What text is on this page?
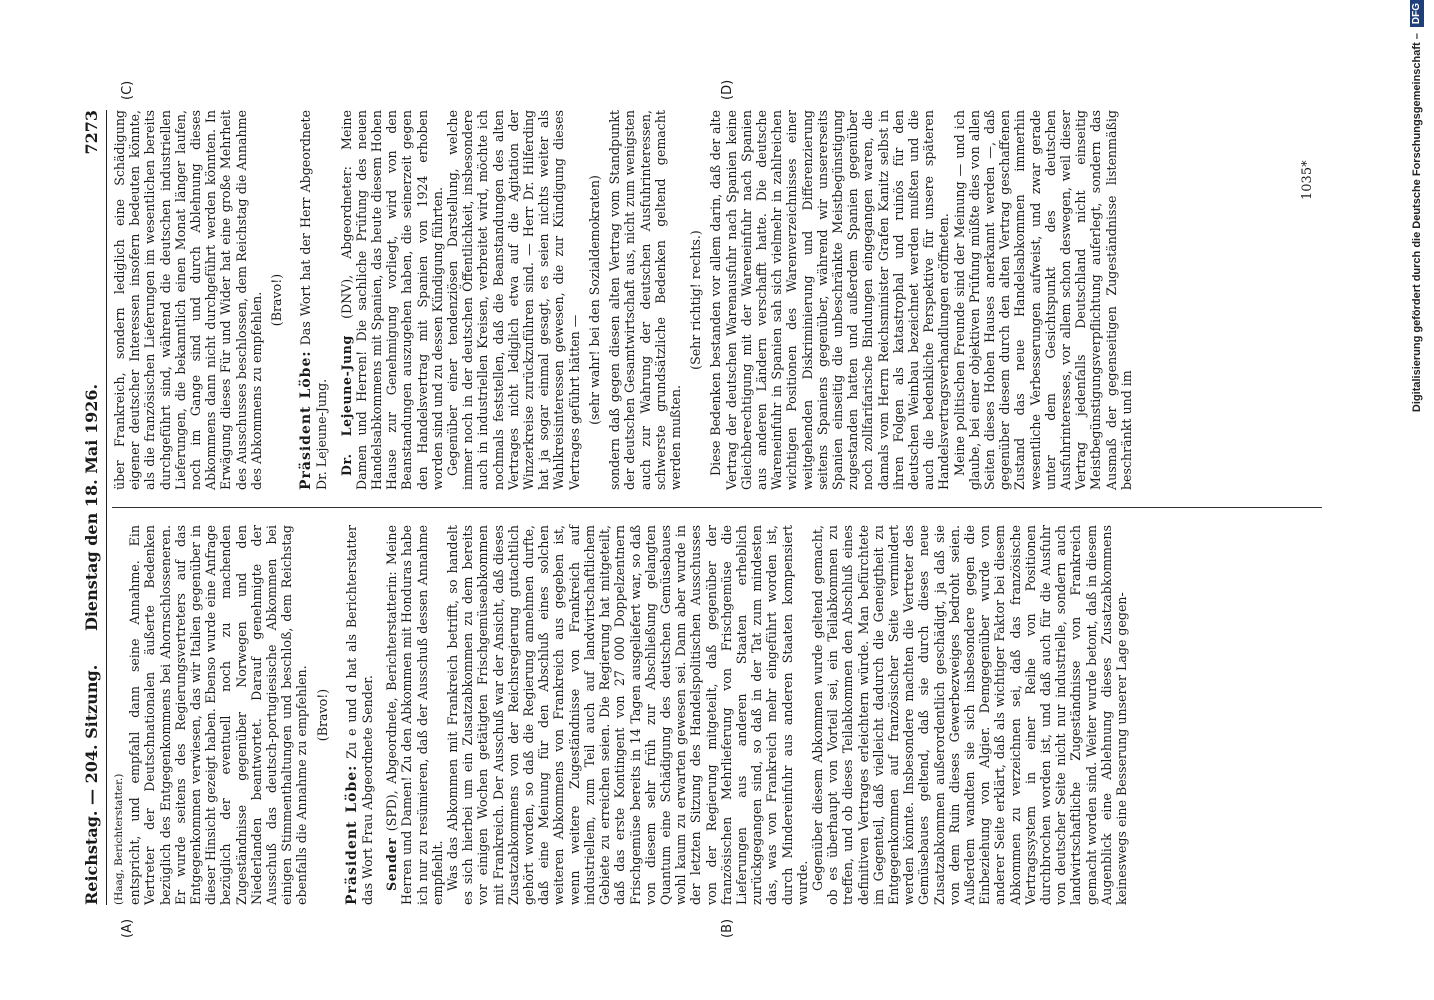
Reichstag. — 204. Sitzung.
Dienstag den 18. Mai 1926.
7273
(A)	(B)
(C)	(D)

(Haag, Berichterstatter.) entspricht, und empfahl dann seine Annahme. Ein Vertreter der Deutschnationalen äußerte Bedenken bezüglich des Entgegenkommens bei Ahornschlosseneren. Er wurde seitens des Regierungsvertreters auf das Entgegenkommen verwiesen, das wir Italien gegenüber in dieser Hinsicht gezeigt haben. Ebenso wurde eine Anfrage bezüglich der eventuell noch zu machenden Zugeständnisse gegenüber Norwegen und den Niederlanden beantwortet. Darauf genehmigte der Ausschuß das deutsch-portugiesische Abkommen bei einigen Stimmenthaltungen und beschloß, dem Reichstag ebenfalls die Annahme zu empfehlen. (Bravo!)

Präsident Löbe: Zu e und d hat als Berichterstatter das Wort Frau Abgeordnete Sender. Sender (SPD), Abgeordnete, Berichterstatterin: Meine Herren und Damen! Zu den Abkommen mit Honduras habe ich nur zu resümieren, daß der Ausschuß dessen Annahme empfiehlt. Was das Abkommen mit Frankreich betrifft, so handelt es sich hierbei um ein Zusatzabkommen zu dem bereits vor einigen Wochen getätigten Frischgemüseabkommen mit Frankreich. Der Ausschuß war der Ansicht, daß dieses Zusatzabkommens von der Reichsregierung gutachtlich gehört worden, so daß die Regierung annehmen durfte, daß eine Meinung für den Abschluß eines solchen weiteren Abkommens von Frankreich aus gegeben ist, wenn weitere Zugeständnisse von Frankreich auf industriellem, zum Teil auch auf landwirtschaftlichem Gebiete zu erreichen seien. Die Regierung hat mitgeteilt, daß das erste Kontingent von 27 000 Doppelzentnern Frischgemüse bereits in 14 Tagen ausgeliefert war, so daß von diesem sehr früh zur Abschließung gelangten Quantum eine Schädigung des deutschen Gemüsebaues wohl kaum zu erwarten gewesen sei. Dann aber wurde in der letzten Sitzung des Handelspolitischen Ausschusses von der Regierung mitgeteilt, daß gegenüber der französischen Mehrlieferung von Frischgemüse die Lieferungen aus anderen Staaten erheblich zurückgegangen sind, so daß in der Tat zum mindesten das, was von Frankreich mehr eingeführt worden ist, durch Mindereinfuhr aus anderen Staaten kompensiert wurde. Gegenüber diesem Abkommen wurde geltend gemacht, ob es überhaupt von Vorteil sei, ein Teilabkommen zu treffen, und ob dieses Teilabkommen den Abschluß eines definitiven Vertrages erleichtern würde. Man befürchtete im Gegenteil, daß vielleicht dadurch die Geneigtheit zu Entgegenkommen auf französischer Seite vermindert werden könnte. Insbesondere machten die Vertreter des Gemüsebaues geltend, daß sie durch dieses neue Zusatzabkommen außerordentlich geschädigt, ja daß sie von dem Ruin dieses Gewerbezweiges bedroht seien. Außerdem wandten sie sich insbesondere gegen die Einbeziehung von Algier. Demgegenüber wurde von anderer Seite erklärt, daß als wichtiger Faktor bei diesem Abkommen zu verzeichnen sei, daß das französische Vertragssystem in einer Reihe von Positionen durchbrochen worden ist, und daß auch für die Ausfuhr von deutscher Seite nicht nur industrielle, sondern auch landwirtschaftliche Zugeständnisse von Frankreich gemacht worden sind. Weiter wurde betont, daß in diesem Augenblick eine Ablehnung dieses Zusatzabkommens keineswegs eine Besserung unserer Lage gegen-

über Frankreich, sondern lediglich eine Schädigung eigener deutscher Interessen insofern bedeuten könnte, als die französischen Lieferungen im wesentlichen bereits durchgeführt sind, während die deutschen industriellen Lieferungen, die bekanntlich einen Monat länger laufen, noch im Gange sind und durch Ablehnung dieses Abkommens dann nicht durchgeführt werden könnten. In Erwägung dieses Für und Wider hat eine große Mehrheit des Ausschusses beschlossen, dem Reichstag die Annahme des Abkommens zu empfehlen. (Bravo!)

Präsident Löbe: Das Wort hat der Herr Abgeordnete Dr. Lejeune-Jung. Dr. Lejeune-Jung (DNV), Abgeordneter: Meine Damen und Herren! Die sachliche Prüfung des neuen Handelsabkommens mit Spanien, das heute diesem Hohen Hause zur Genehmigung vorliegt, wird von den Beanstandungen auszugehen haben, die seinerzeit gegen den Handelsvertrag mit Spanien von 1924 erhoben worden sind und zu dessen Kündigung führten. Gegenüber einer tendenziösen Darstellung, welche immer noch in der deutschen Öffentlichkeit, insbesondere auch in industriellen Kreisen, verbreitet wird, möchte ich nochmals feststellen, daß die Beanstandungen des alten Vertrages nicht lediglich etwa auf die Agitation der Winzerkreise zurückzuführen sind. — Herr Dr. Hilferding hat ja sogar einmal gesagt, es seien nichts weiter als Wahlkreisinteressen gewesen, die zur Kündigung dieses Vertrages geführt hätten — (sehr wahr! bei den Sozialdemokraten) sondern daß gegen diesen alten Vertrag vom Standpunkt der deutschen Gesamtwirtschaft aus, nicht zum wenigsten auch zur Wahrung der deutschen Ausfuhrinteressen, schwerste grundsätzliche Bedenken geltend gemacht werden mußten.

(Sehr richtig! rechts.) Diese Bedenken bestanden vor allem darin, daß der alte Vertrag der deutschen Warenausfuhr nach Spanien keine Gleichberechtigung mit der Wareneinfuhr nach Spanien aus anderen Ländern verschafft hatte. Die deutsche Wareneinfuhr in Spanien sah sich vielmehr in zahlreichen wichtigen Positionen des Warenverzeichnisses einer weitgehenden Diskriminierung und Differenzierung seitens Spaniens gegenüber, während wir unsererseits Spanien einseitig die unbeschränkte Meistbegünstigung zugestanden hatten und außerdem Spanien gegenüber noch zollfarifarische Bindungen eingegangen waren, die damals vom Herrn Reichsminister Grafen Kanitz selbst in ihren Folgen als katastrophal und ruinös für den deutschen Weinbau bezeichnet werden mußten und die auch die bedenkliche Perspektive für unsere späteren Handelsvertragsverhandlungen eröffneten. Meine politischen Freunde sind der Meinung — und ich glaube, bei einer objektiven Prüfung müßte dies von allen Seiten dieses Hohen Hauses anerkannt werden —, daß gegenüber diesem durch den alten Vertrag geschaffenen Zustand das neue Handelsabkommen immerhin wesentliche Verbesserungen aufweist, und zwar gerade unter dem Gesichtspunkt des deutschen Ausfuhrinteresses, vor allem schon deswegen, weil dieser Vertrag jedenfalls Deutschland nicht einseitig Meistbegünstigungsverpflichtung auferlegt, sondern das Ausmaß der gegenseitigen Zugeständnisse listenmäßig beschränkt und im

1035*	Digitalisierung gefördert durch die Deutsche Forschungsgemeinschaft –DFG
